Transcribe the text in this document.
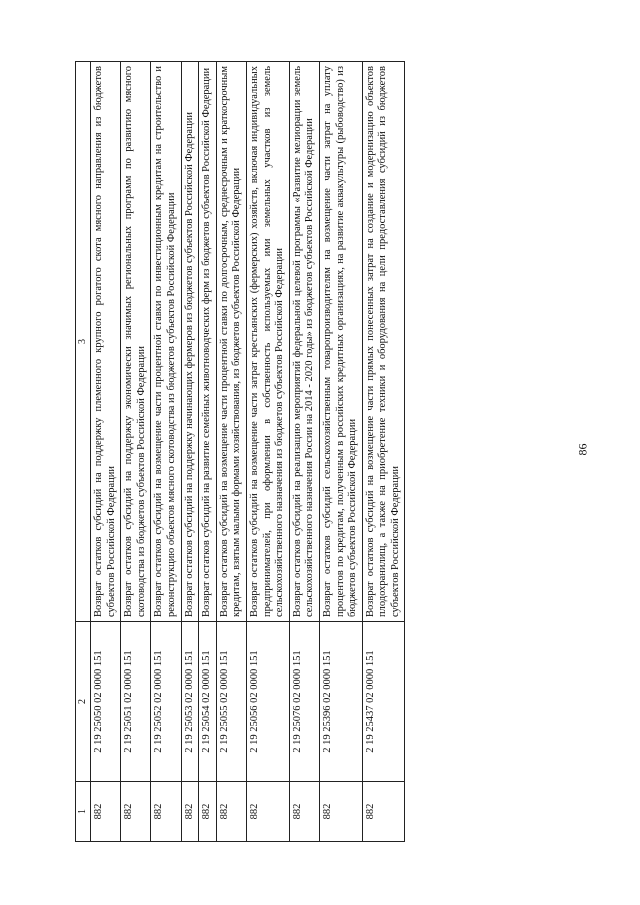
86
1	2	3
882	2 19 25050 02 0000 151	Возврат остатков субсидий на поддержку племенного крупного рогатого скота мясного направления из бюджетов субъектов Российской Федерации
882	2 19 25051 02 0000 151	Возврат остатков субсидий на поддержку экономически значимых региональных программ по развитию мясного скотоводства из бюджетов субъектов Российской Федерации
882	2 19 25052 02 0000 151	Возврат остатков субсидий на возмещение части процентной ставки по инвестиционным кредитам на строительство и реконструкцию объектов мясного скотоводства из бюджетов субъектов Российской Федерации
882	2 19 25053 02 0000 151	Возврат остатков субсидий на поддержку начинающих фермеров из бюджетов субъектов Российской Федерации
882	2 19 25054 02 0000 151	Возврат остатков субсидий на развитие семейных животноводческих ферм из бюджетов субъектов Российской Федерации
882	2 19 25055 02 0000 151	Возврат остатков субсидий на возмещение части процентной ставки по долгосрочным, среднесрочным и краткосрочным кредитам, взятым малыми формами хозяйствования, из бюджетов субъектов Российской Федерации
882	2 19 25056 02 0000 151	Возврат остатков субсидий на возмещение части затрат крестьянских (фермерских) хозяйств, включая индивидуальных предпринимателей, при оформлении в собственность используемых ими земельных участков из земель сельскохозяйственного назначения из бюджетов субъектов Российской Федерации
882	2 19 25076 02 0000 151	Возврат остатков субсидий на реализацию мероприятий федеральной целевой программы «Развитие мелиорации земель сельскохозяйственного назначения России на 2014 - 2020 годы» из бюджетов субъектов Российской Федерации
882	2 19 25396 02 0000 151	Возврат остатков субсидий сельскохозяйственным товаропроизводителям на возмещение части затрат на уплату процентов по кредитам, полученным в российских кредитных организациях, на развитие аквакультуры (рыбоводство) из бюджетов субъектов Российской Федерации
882	2 19 25437 02 0000 151	Возврат остатков субсидий на возмещение части прямых понесенных затрат на создание и модернизацию объектов плодохранилищ, а также на приобретение техники и оборудования на цели предоставления субсидий из бюджетов субъектов Российской Федерации
